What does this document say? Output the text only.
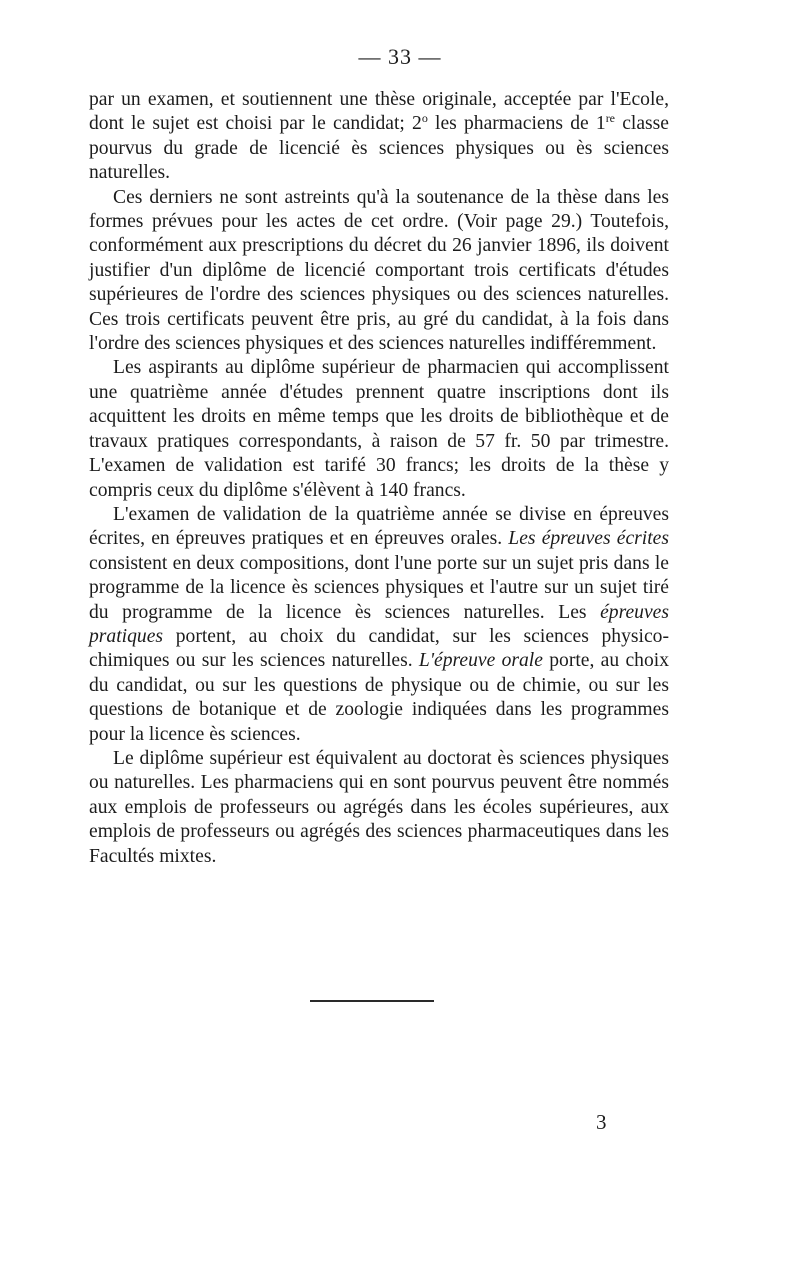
— 33 —

par un examen, et soutiennent une thèse originale, acceptée par l'Ecole, dont le sujet est choisi par le candidat; 2$^o$ les pharmaciens de 1re classe pourvus du grade de licencié ès sciences physiques ou ès sciences naturelles.

Ces derniers ne sont astreints qu'à la soutenance de la thèse dans les formes prévues pour les actes de cet ordre. (Voir page 29.) Toutefois, conformément aux prescriptions du décret du 26 janvier 1896, ils doivent justifier d'un diplôme de licencié comportant trois certificats d'études supérieures de l'ordre des sciences physiques ou des sciences naturelles. Ces trois certificats peuvent être pris, au gré du candidat, à la fois dans l'ordre des sciences physiques et des sciences naturelles indifféremment.

Les aspirants au diplôme supérieur de pharmacien qui accomplissent une quatrième année d'études prennent quatre inscriptions dont ils acquittent les droits en même temps que les droits de bibliothèque et de travaux pratiques correspondants, à raison de 57 fr. 50 par trimestre. L'examen de validation est tarifé 30 francs; les droits de la thèse y compris ceux du diplôme s'élèvent à 140 francs.

L'examen de validation de la quatrième année se divise en épreuves écrites, en épreuves pratiques et en épreuves orales. Les épreuves écrites consistent en deux compositions, dont l'une porte sur un sujet pris dans le programme de la licence ès sciences physiques et l'autre sur un sujet tiré du programme de la licence ès sciences naturelles. Les épreuves pratiques portent, au choix du candidat, sur les sciences physico-chimiques ou sur les sciences naturelles. L'épreuve orale porte, au choix du candidat, ou sur les questions de physique ou de chimie, ou sur les questions de botanique et de zoologie indiquées dans les programmes pour la licence ès sciences.

Le diplôme supérieur est équivalent au doctorat ès sciences physiques ou naturelles. Les pharmaciens qui en sont pourvus peuvent être nommés aux emplois de professeurs ou agrégés dans les écoles supérieures, aux emplois de professeurs ou agrégés des sciences pharmaceutiques dans les Facultés mixtes.

3
